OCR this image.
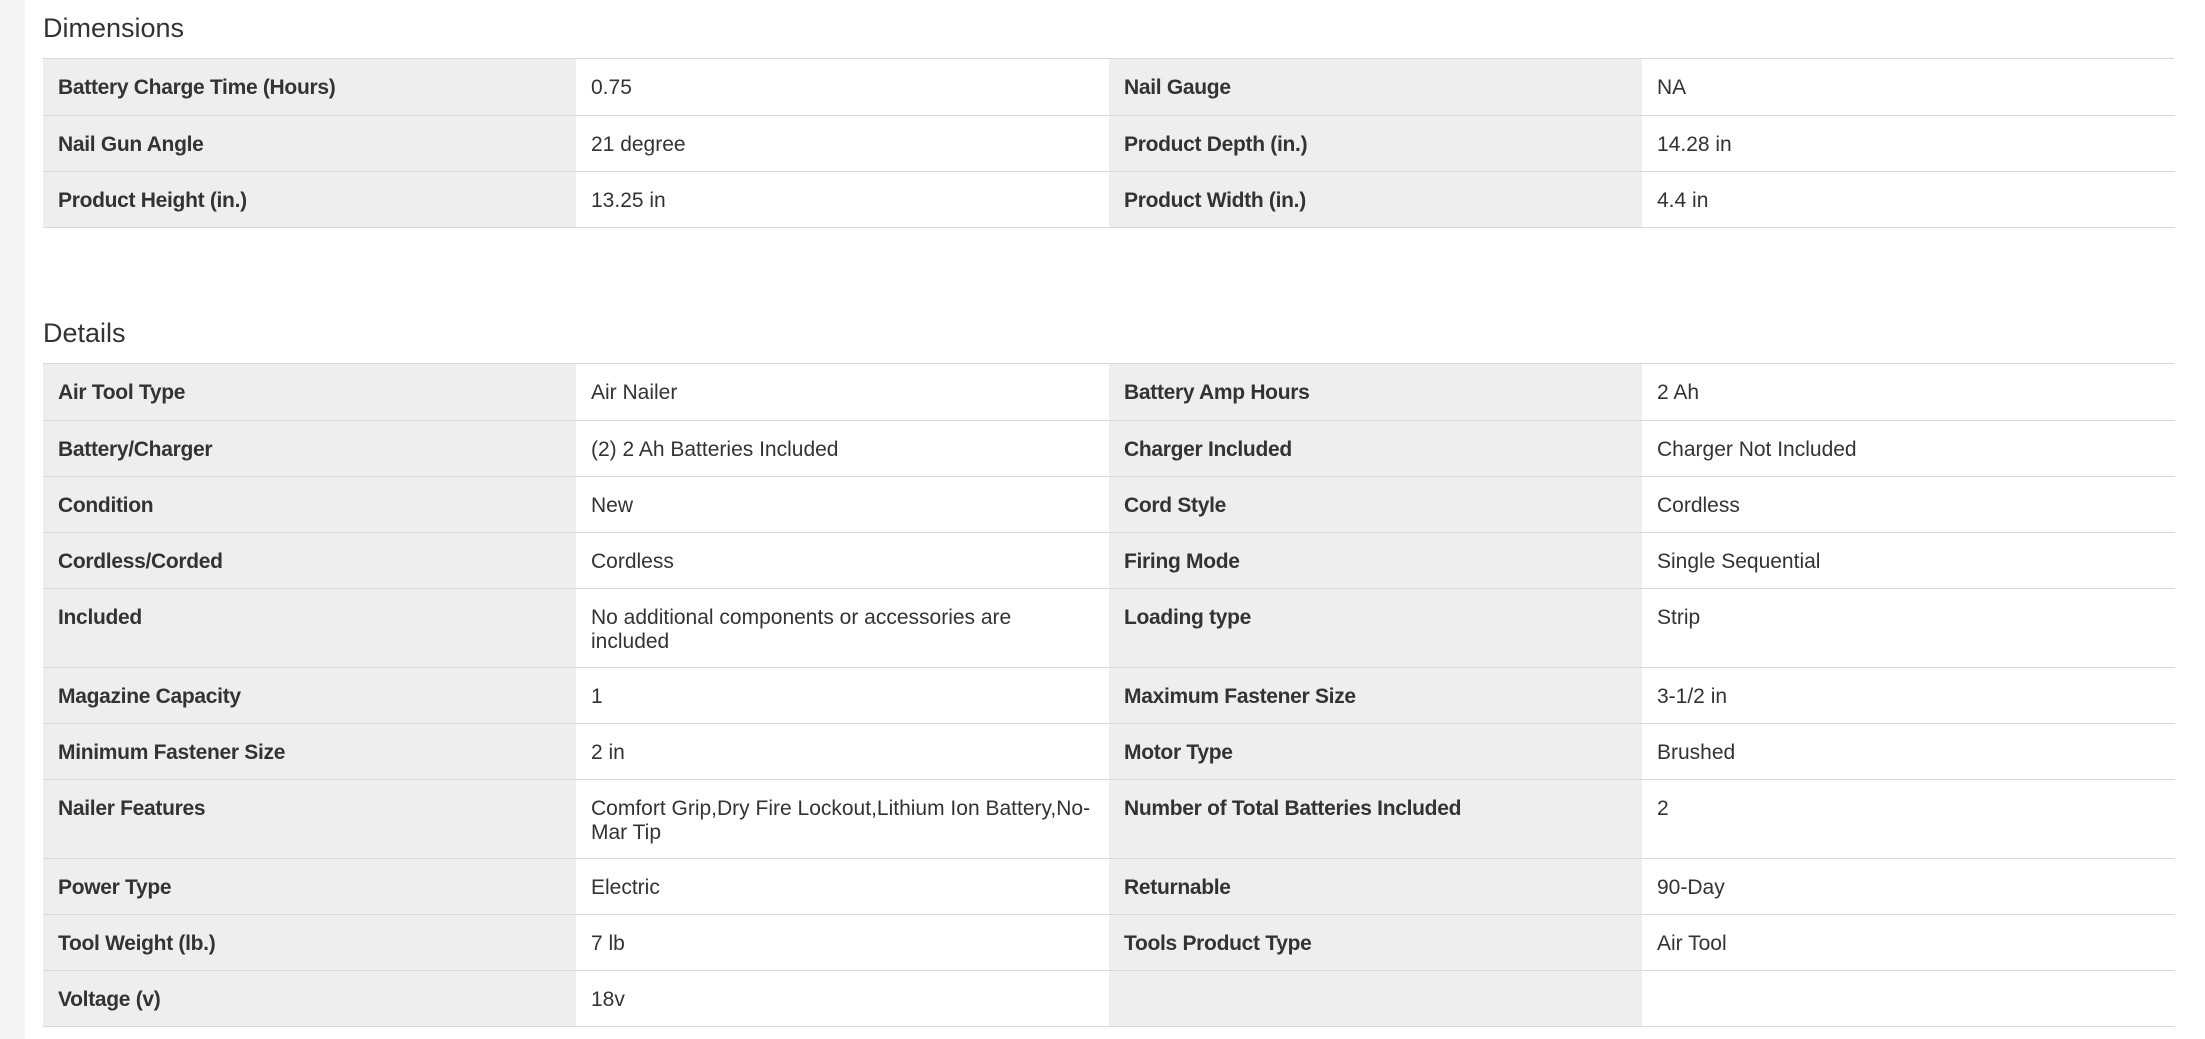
Dimensions
Battery Charge Time (Hours)	0.75	Nail Gauge	NA
Nail Gun Angle	21 degree	Product Depth (in.)	14.28 in
Product Height (in.)	13.25 in	Product Width (in.)	4.4 in
Details
Air Tool Type	Air Nailer	Battery Amp Hours	2 Ah
Battery/Charger	(2) 2 Ah Batteries Included	Charger Included	Charger Not Included
Condition	New	Cord Style	Cordless
Cordless/Corded	Cordless	Firing Mode	Single Sequential
Included	No additional components or accessories are included	Loading type	Strip
Magazine Capacity	1	Maximum Fastener Size	3-1/2 in
Minimum Fastener Size	2 in	Motor Type	Brushed
Nailer Features	Comfort Grip,Dry Fire Lockout,Lithium Ion Battery,No-Mar Tip	Number of Total Batteries Included	2
Power Type	Electric	Returnable	90-Day
Tool Weight (lb.)	7 lb	Tools Product Type	Air Tool
Voltage (v)	18v		
